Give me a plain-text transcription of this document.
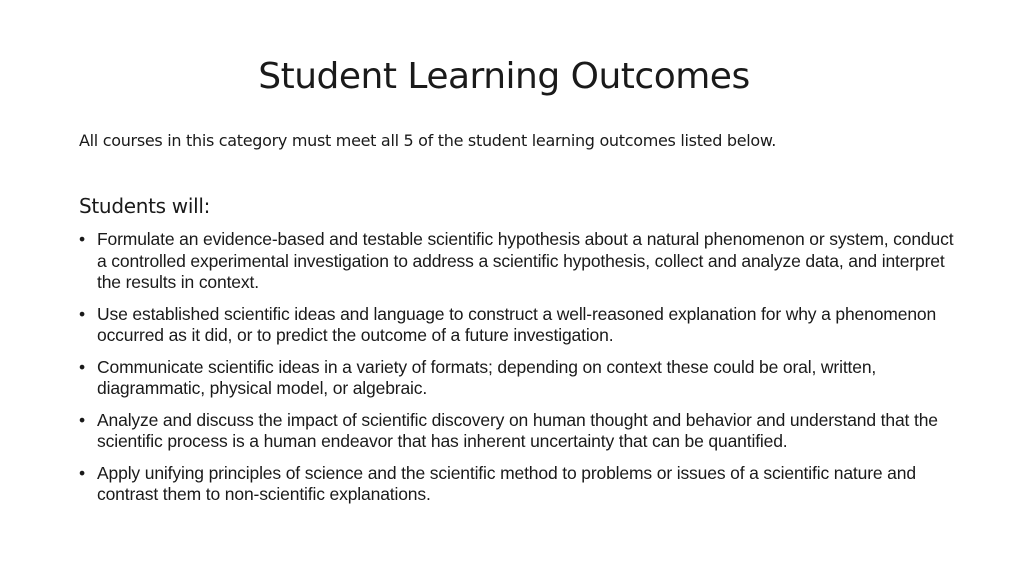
Student Learning Outcomes

All courses in this category must meet all 5 of the student learning outcomes listed below.

Students will:

• Formulate an evidence-based and testable scientific hypothesis about a natural phenomenon or system, conduct a controlled experimental investigation to address a scientific hypothesis, collect and analyze data, and interpret the results in context.
• Use established scientific ideas and language to construct a well-reasoned explanation for why a phenomenon occurred as it did, or to predict the outcome of a future investigation.
• Communicate scientific ideas in a variety of formats; depending on context these could be oral, written, diagrammatic, physical model, or algebraic.
• Analyze and discuss the impact of scientific discovery on human thought and behavior and understand that the scientific process is a human endeavor that has inherent uncertainty that can be quantified.
• Apply unifying principles of science and the scientific method to problems or issues of a scientific nature and contrast them to non-scientific explanations.
